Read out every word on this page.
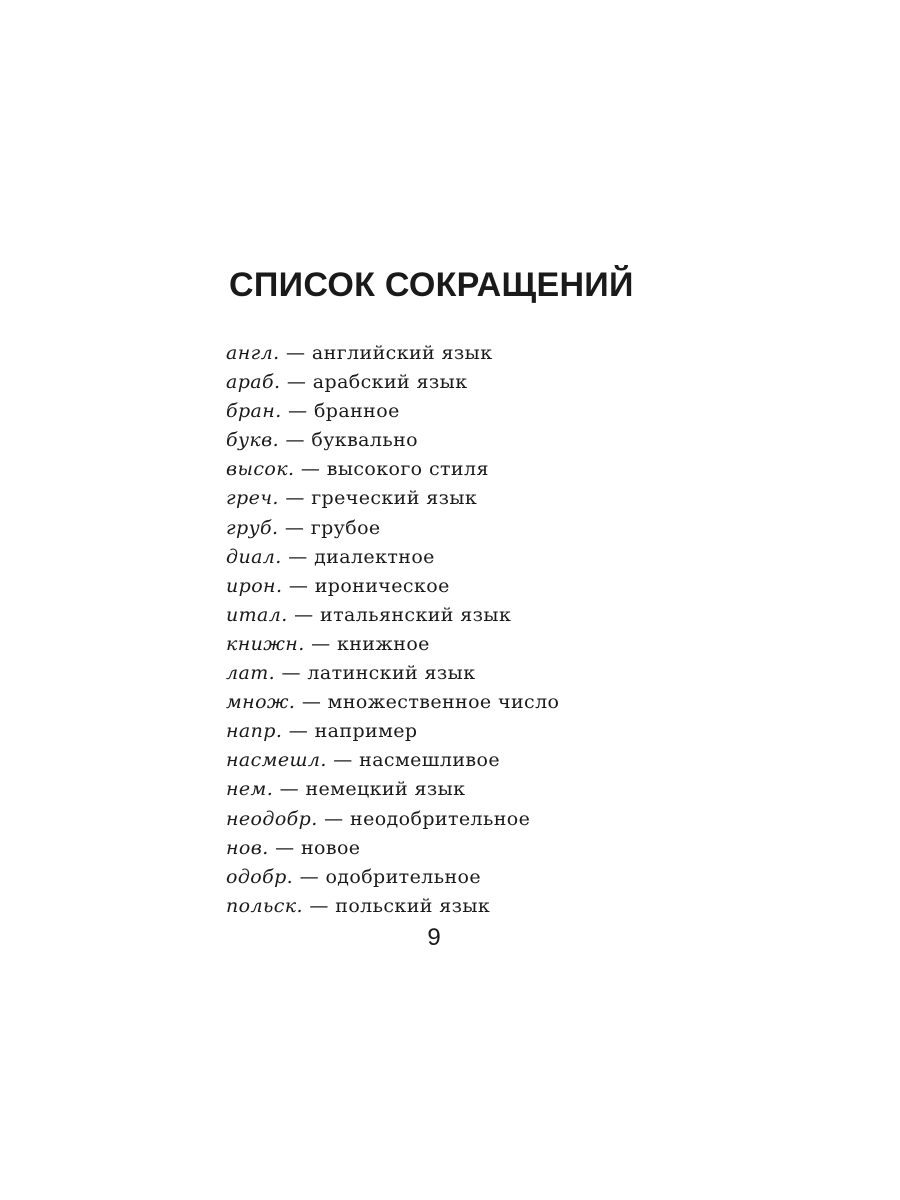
СПИСОК СОКРАЩЕНИЙ
англ. — английский язык
араб. — арабский язык
бран. — бранное
букв. — буквально
высок. — высокого стиля
греч. — греческий язык
груб. — грубое
диал. — диалектное
ирон. — ироническое
итал. — итальянский язык
книжн. — книжное
лат. — латинский язык
множ. — множественное число
напр. — например
насмешл. — насмешливое
нем. — немецкий язык
неодобр. — неодобрительное
нов. — новое
одобр. — одобрительное
польск. — польский язык
9
